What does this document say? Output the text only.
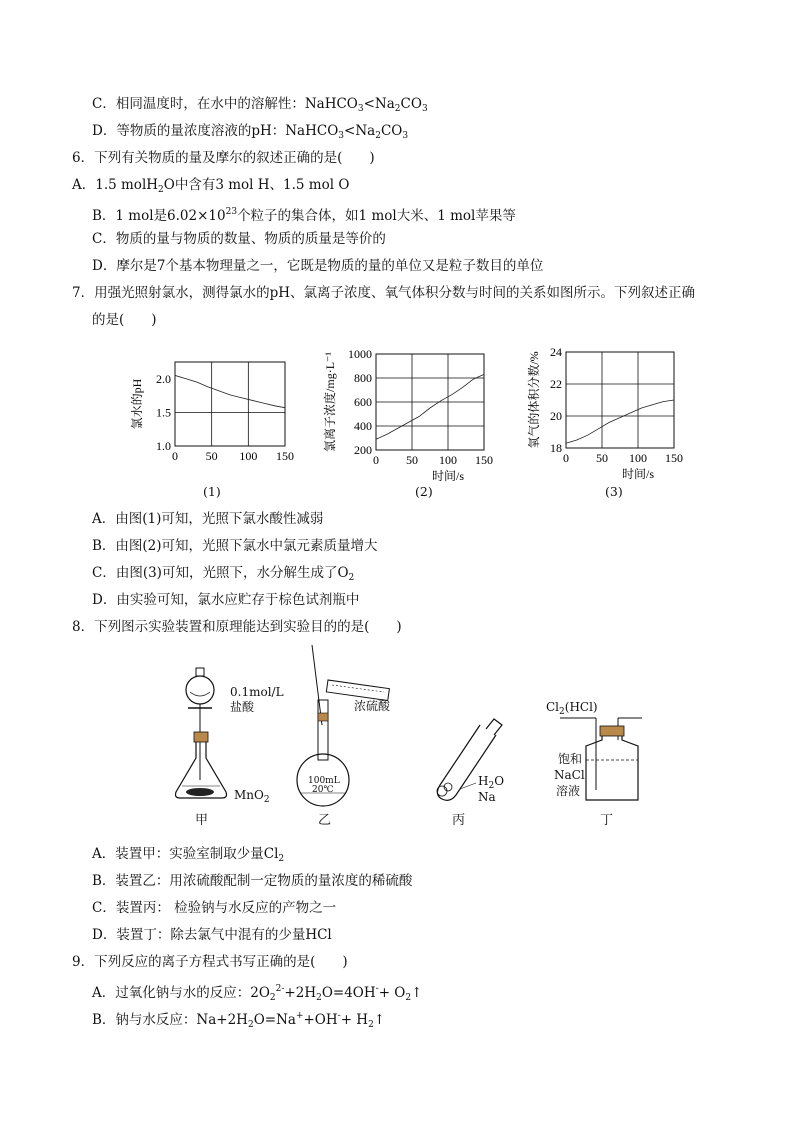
C．相同温度时，在水中的溶解性：$NaHCO_3<Na_2CO_3$
D．等物质的量浓度溶液的pH：$NaHCO_3<Na_2CO_3$
6．下列有关物质的量及摩尔的叙述正确的是(　　)
A．1.5 molH$_2$O中含有3 mol H、1.5 mol O
B．1 mol是$6.02\times 10^{23}$个粒子的集合体，如1 mol大米、1 mol苹果等
C．物质的量与物质的数量、物质的质量是等价的
D．摩尔是7个基本物理量之一，它既是物质的量的单位又是粒子数目的单位
7．用强光照射氯水，测得氯水的pH、氯离子浓度、氧气体积分数与时间的关系如图所示。下列叙述正确
的是(　　)
0 50 100 150
1.0
1.5
2.0
氯水的pH
0 50 100 150
200
400
600
800
1000
氯离子浓度/mg·L⁻¹
时间/s
0 50 100 150
18
20
22
24
氧气的体积分数/%
时间/s
(1)	(2)	(3)
A．由图(1)可知，光照下氯水酸性减弱
B．由图(2)可知，光照下氯水中氯元素质量增大
C．由图(3)可知，光照下，水分解生成了$O_2$
D．由实验可知，氯水应贮存于棕色试剂瓶中
8．下列图示实验装置和原理能达到实验目的的是(　　)
0.1mol/L
盐酸
MnO$_2$
甲
浓硫酸
100mL
20℃
乙
$H_2O$
Na
丙
$Cl_2(HCl)$
饱和
NaCl
溶液
丁
A．装置甲：实验室制取少量$Cl_2$
B．装置乙：用浓硫酸配制一定物质的量浓度的稀硫酸
C．装置丙： 检验钠与水反应的产物之一
D．装置丁：除去氯气中混有的少量HCl
9．下列反应的离子方程式书写正确的是(　　)
A．过氧化钠与水的反应：$2O_2^{2-}+2H_2O=4OH^-+$ $O_2↑$
B．钠与水反应：$Na+2H_2O=Na^++OH^-+$ $H_2↑$
